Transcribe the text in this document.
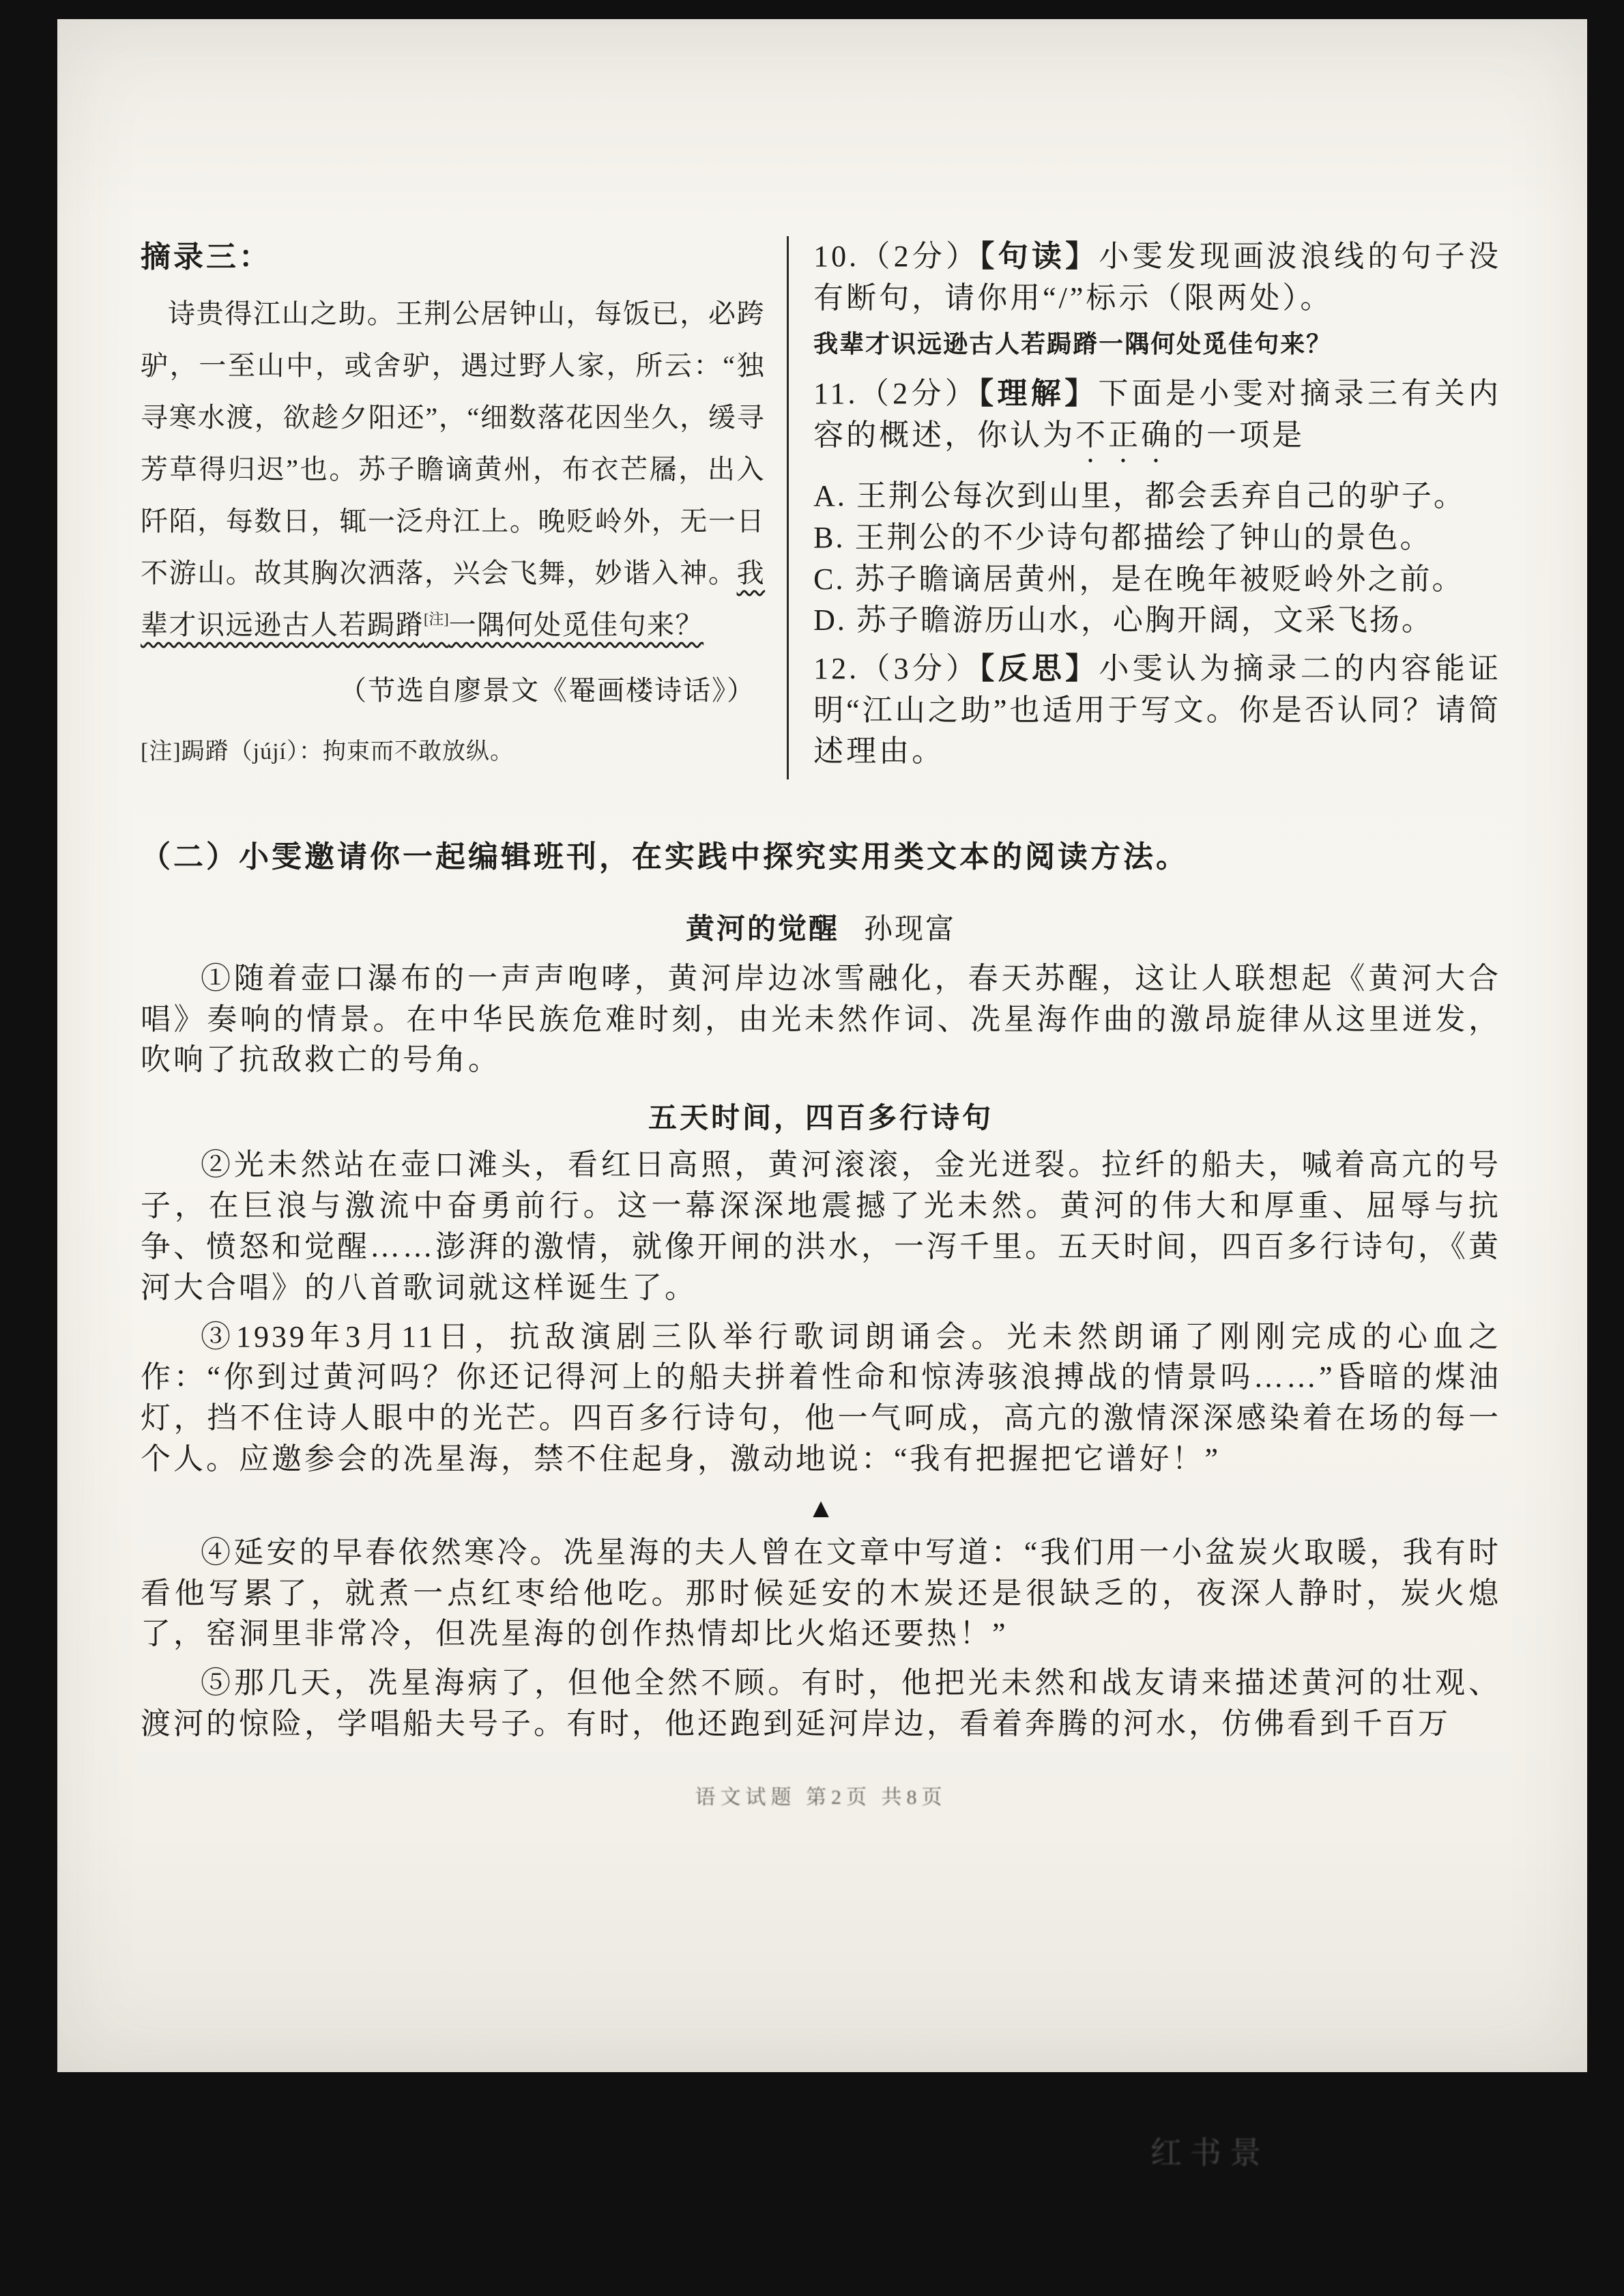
摘录三：

诗贵得江山之助。王荆公居钟山，每饭已，必跨驴，一至山中，或舍驴，遇过野人家，所云：“独寻寒水渡，欲趁夕阳还”，“细数落花因坐久，缓寻芳草得归迟”也。苏子瞻谪黄州，布衣芒屩，出入阡陌，每数日，辄一泛舟江上。晚贬岭外，无一日不游山。故其胸次洒落，兴会飞舞，妙谐入神。我辈才识远逊古人若跼蹐[注]一隅何处觅佳句来？

（节选自廖景文《罨画楼诗话》）

[注]跼蹐（jújí）：拘束而不敢放纵。

10.（2分）【句读】小雯发现画波浪线的句子没有断句，请你用“/”标示（限两处）。

我辈才识远逊古人若跼蹐一隅何处觅佳句来？

11.（2分）【理解】下面是小雯对摘录三有关内容的概述，你认为不正确的一项是

A. 王荆公每次到山里，都会丢弃自己的驴子。

B. 王荆公的不少诗句都描绘了钟山的景色。

C. 苏子瞻谪居黄州，是在晚年被贬岭外之前。

D. 苏子瞻游历山水，心胸开阔，文采飞扬。

12.（3分）【反思】小雯认为摘录二的内容能证明“江山之助”也适用于写文。你是否认同？请简述理由。

（二）小雯邀请你一起编辑班刊，在实践中探究实用类文本的阅读方法。

黄河的觉醒 孙现富

①随着壶口瀑布的一声声咆哮，黄河岸边冰雪融化，春天苏醒，这让人联想起《黄河大合唱》奏响的情景。在中华民族危难时刻，由光未然作词、冼星海作曲的激昂旋律从这里迸发，吹响了抗敌救亡的号角。

五天时间，四百多行诗句

②光未然站在壶口滩头，看红日高照，黄河滚滚，金光迸裂。拉纤的船夫，喊着高亢的号子，在巨浪与激流中奋勇前行。这一幕深深地震撼了光未然。黄河的伟大和厚重、屈辱与抗争、愤怒和觉醒……澎湃的激情，就像开闸的洪水，一泻千里。五天时间，四百多行诗句，《黄河大合唱》的八首歌词就这样诞生了。

③1939年3月11日，抗敌演剧三队举行歌词朗诵会。光未然朗诵了刚刚完成的心血之作：“你到过黄河吗？你还记得河上的船夫拼着性命和惊涛骇浪搏战的情景吗……”昏暗的煤油灯，挡不住诗人眼中的光芒。四百多行诗句，他一气呵成，高亢的激情深深感染着在场的每一个人。应邀参会的冼星海，禁不住起身，激动地说：“我有把握把它谱好！”

▲

④延安的早春依然寒冷。冼星海的夫人曾在文章中写道：“我们用一小盆炭火取暖，我有时看他写累了，就煮一点红枣给他吃。那时候延安的木炭还是很缺乏的，夜深人静时，炭火熄了，窑洞里非常冷，但冼星海的创作热情却比火焰还要热！”

⑤那几天，冼星海病了，但他全然不顾。有时，他把光未然和战友请来描述黄河的壮观、渡河的惊险，学唱船夫号子。有时，他还跑到延河岸边，看着奔腾的河水，仿佛看到千百万

语文试题 第2页 共8页

红书景
